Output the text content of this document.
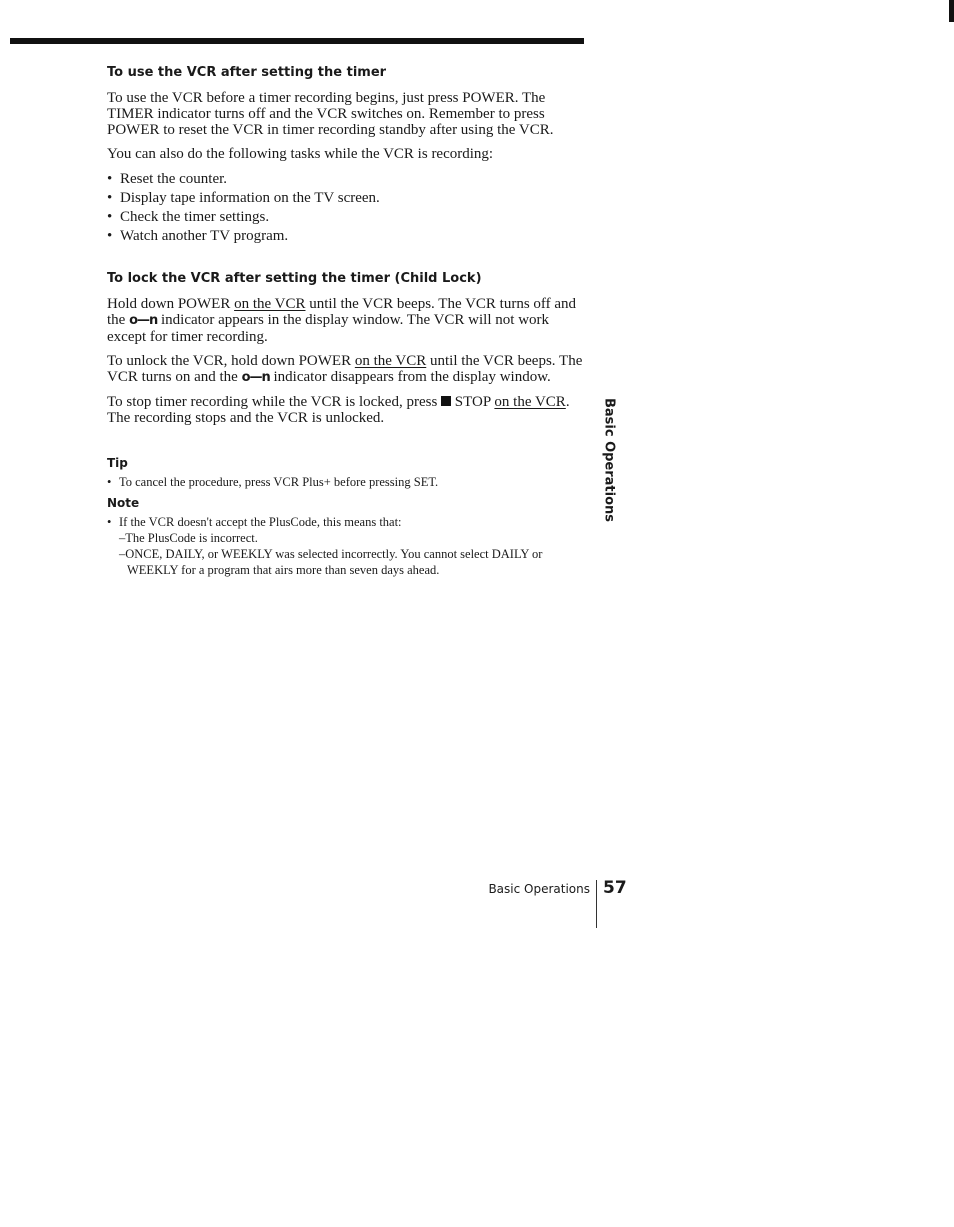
To use the VCR after setting the timer

To use the VCR before a timer recording begins, just press POWER. The TIMER indicator turns off and the VCR switches on. Remember to press POWER to reset the VCR in timer recording standby after using the VCR.

You can also do the following tasks while the VCR is recording:

• Reset the counter.
• Display tape information on the TV screen.
• Check the timer settings.
• Watch another TV program.
To lock the VCR after setting the timer (Child Lock)

Hold down POWER on the VCR until the VCR beeps. The VCR turns off and the o—n indicator appears in the display window. The VCR will not work except for timer recording.

To unlock the VCR, hold down POWER on the VCR until the VCR beeps. The VCR turns on and the o—n indicator disappears from the display window.

To stop timer recording while the VCR is locked, press  STOP on the VCR. The recording stops and the VCR is unlocked.

Tip
• To cancel the procedure, press VCR Plus+ before pressing SET.
Note
• If the VCR doesn't accept the PlusCode, this means that:
– The PlusCode is incorrect.
– ONCE, DAILY, or WEEKLY was selected incorrectly. You cannot select DAILY or WEEKLY for a program that airs more than seven days ahead.
Basic Operations
Basic Operations 57
